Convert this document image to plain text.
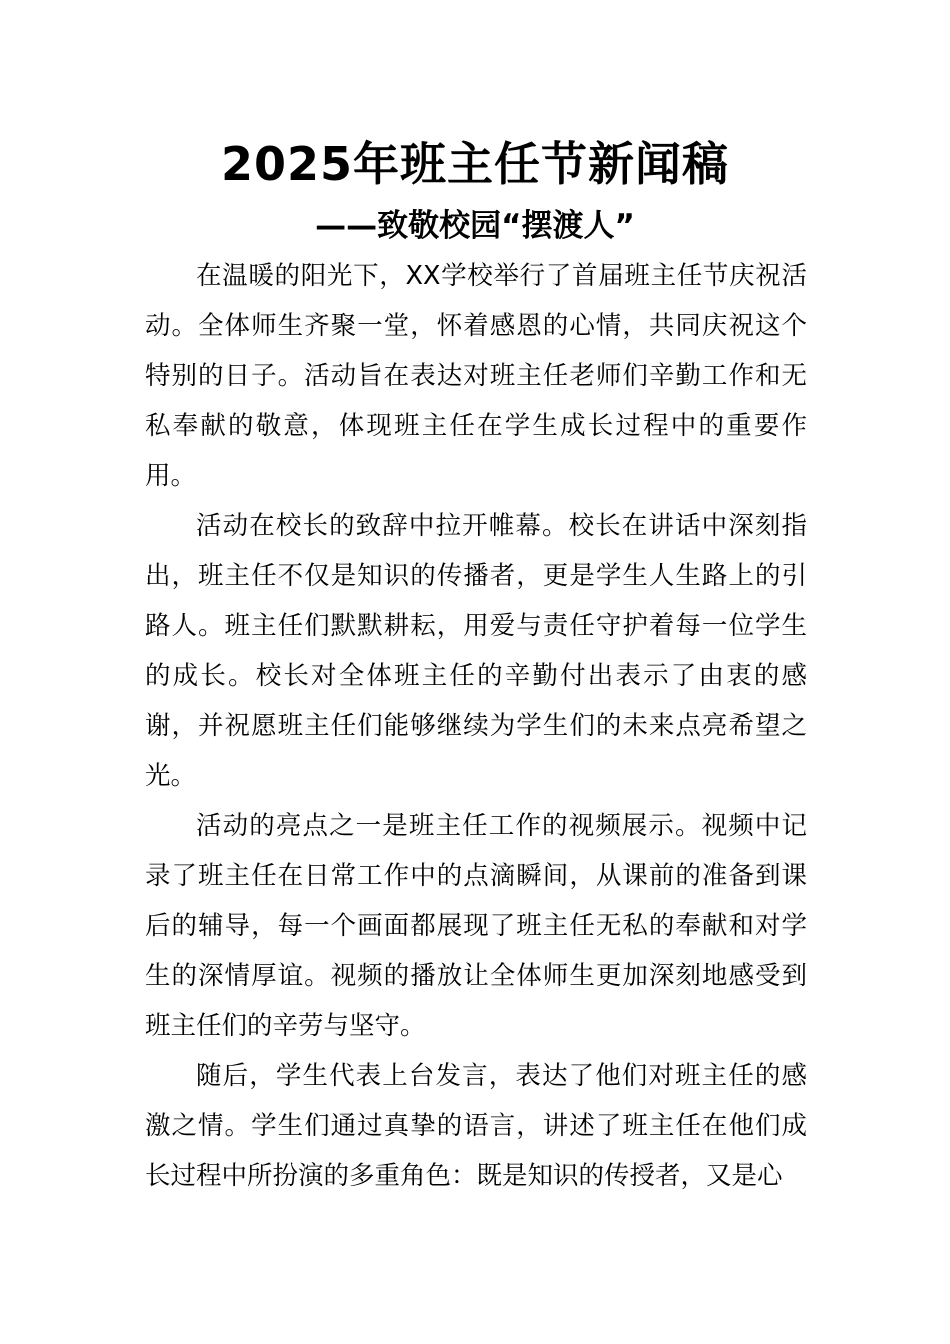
2025年班主任节新闻稿
——致敬校园“摆渡人”

在温暖的阳光下，XX学校举行了首届班主任节庆祝活动。全体师生齐聚一堂，怀着感恩的心情，共同庆祝这个特别的日子。活动旨在表达对班主任老师们辛勤工作和无私奉献的敬意，体现班主任在学生成长过程中的重要作用。

活动在校长的致辞中拉开帷幕。校长在讲话中深刻指出，班主任不仅是知识的传播者，更是学生人生路上的引路人。班主任们默默耕耘，用爱与责任守护着每一位学生的成长。校长对全体班主任的辛勤付出表示了由衷的感谢，并祝愿班主任们能够继续为学生们的未来点亮希望之光。

活动的亮点之一是班主任工作的视频展示。视频中记录了班主任在日常工作中的点滴瞬间，从课前的准备到课后的辅导，每一个画面都展现了班主任无私的奉献和对学生的深情厚谊。视频的播放让全体师生更加深刻地感受到班主任们的辛劳与坚守。

随后，学生代表上台发言，表达了他们对班主任的感激之情。学生们通过真挚的语言，讲述了班主任在他们成长过程中所扮演的多重角色：既是知识的传授者，又是心
